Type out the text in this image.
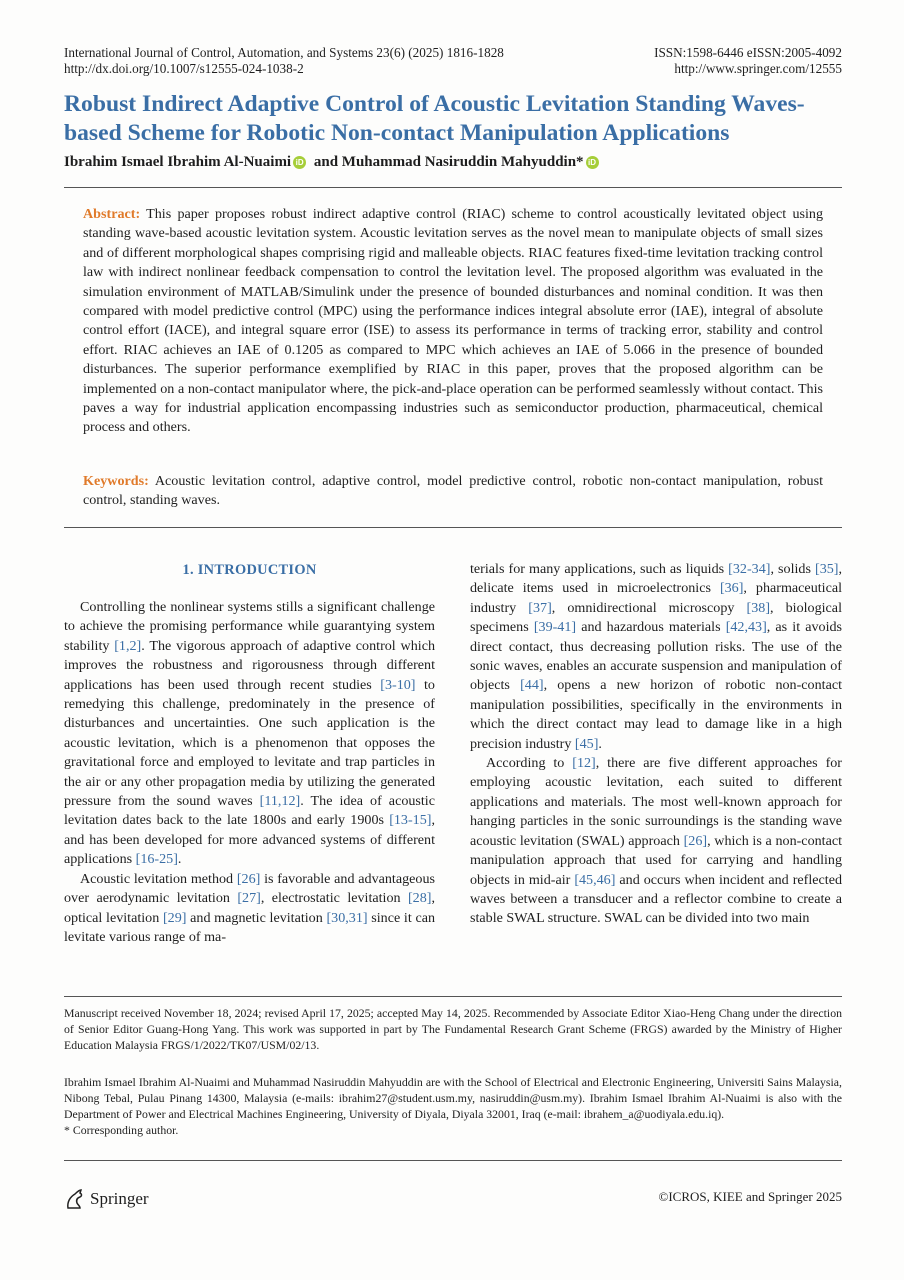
International Journal of Control, Automation, and Systems 23(6) (2025) 1816-1828
http://dx.doi.org/10.1007/s12555-024-1038-2
ISSN:1598-6446 eISSN:2005-4092
http://www.springer.com/12555
Robust Indirect Adaptive Control of Acoustic Levitation Standing Waves-
based Scheme for Robotic Non-contact Manipulation Applications
Ibrahim Ismael Ibrahim Al-Nuaimi iD and Muhammad Nasiruddin Mahyuddin* iD
Abstract: This paper proposes robust indirect adaptive control (RIAC) scheme to control acoustically levitated object using standing wave-based acoustic levitation system. Acoustic levitation serves as the novel mean to manipulate objects of small sizes and of different morphological shapes comprising rigid and malleable objects. RIAC features fixed-time levitation tracking control law with indirect nonlinear feedback compensation to control the levitation level. The proposed algorithm was evaluated in the simulation environment of MATLAB/Simulink under the presence of bounded disturbances and nominal condition. It was then compared with model predictive control (MPC) using the performance indices integral absolute error (IAE), integral of absolute control effort (IACE), and integral square error (ISE) to assess its performance in terms of tracking error, stability and control effort. RIAC achieves an IAE of 0.1205 as compared to MPC which achieves an IAE of 5.066 in the presence of bounded disturbances. The superior performance exemplified by RIAC in this paper, proves that the proposed algorithm can be implemented on a non-contact manipulator where, the pick-and-place operation can be performed seamlessly without contact. This paves a way for industrial application encompassing industries such as semiconductor production, pharmaceutical, chemical process and others.
Keywords: Acoustic levitation control, adaptive control, model predictive control, robotic non-contact manipulation, robust control, standing waves.
1. INTRODUCTION

Controlling the nonlinear systems stills a significant challenge to achieve the promising performance while guarantying system stability [1,2]. The vigorous approach of adaptive control which improves the robustness and rigorousness through different applications has been used through recent studies [3-10] to remedying this challenge, predominately in the presence of disturbances and uncertainties. One such application is the acoustic levitation, which is a phenomenon that opposes the gravitational force and employed to levitate and trap particles in the air or any other propagation media by utilizing the generated pressure from the sound waves [11,12]. The idea of acoustic levitation dates back to the late 1800s and early 1900s [13-15], and has been developed for more advanced systems of different applications [16-25].

Acoustic levitation method [26] is favorable and advantageous over aerodynamic levitation [27], electrostatic levitation [28], optical levitation [29] and magnetic levitation [30,31] since it can levitate various range of ma-

terials for many applications, such as liquids [32-34], solids [35], delicate items used in microelectronics [36], pharmaceutical industry [37], omnidirectional microscopy [38], biological specimens [39-41] and hazardous materials [42,43], as it avoids direct contact, thus decreasing pollution risks. The use of the sonic waves, enables an accurate suspension and manipulation of objects [44], opens a new horizon of robotic non-contact manipulation possibilities, specifically in the environments in which the direct contact may lead to damage like in a high precision industry [45].

According to [12], there are five different approaches for employing acoustic levitation, each suited to different applications and materials. The most well-known approach for hanging particles in the sonic surroundings is the standing wave acoustic levitation (SWAL) approach [26], which is a non-contact manipulation approach that used for carrying and handling objects in mid-air [45,46] and occurs when incident and reflected waves between a transducer and a reflector combine to create a stable SWAL structure. SWAL can be divided into two main

Manuscript received November 18, 2024; revised April 17, 2025; accepted May 14, 2025. Recommended by Associate Editor Xiao-Heng Chang under the direction of Senior Editor Guang-Hong Yang. This work was supported in part by The Fundamental Research Grant Scheme (FRGS) awarded by the Ministry of Higher Education Malaysia FRGS/1/2022/TK07/USM/02/13.
Ibrahim Ismael Ibrahim Al-Nuaimi and Muhammad Nasiruddin Mahyuddin are with the School of Electrical and Electronic Engineering, Universiti Sains Malaysia, Nibong Tebal, Pulau Pinang 14300, Malaysia (e-mails: ibrahim27@student.usm.my, nasiruddin@usm.my). Ibrahim Ismael Ibrahim Al-Nuaimi is also with the Department of Power and Electrical Machines Engineering, University of Diyala, Diyala 32001, Iraq (e-mail: ibrahem_a@uodiyala.edu.iq).
* Corresponding author.
Springer	©ICROS, KIEE and Springer 2025
